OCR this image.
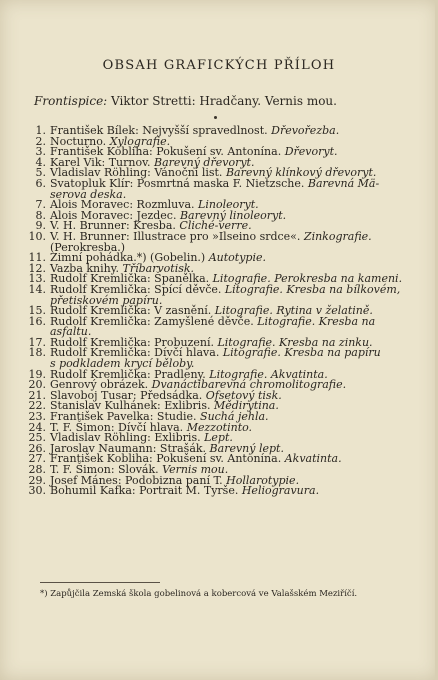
OBSAH GRAFICKÝCH PŘÍLOH
Frontispice: Viktor Stretti: Hradčany. Vernis mou.
1. František Bílek: Nejvyšší spravedlnost. Dřevořezba.
2. Nocturno. Xylografie.
3. František Kobliha: Pokušení sv. Antonína. Dřevoryt.
4. Karel Vik: Turnov. Barevný dřevoryt.
5. Vladislav Röhling: Vánoční list. Barevný klínkový dřevoryt.
6. Svatopluk Klír: Posmrtná maska F. Nietzsche. Barevná Mä-
serova deska.
7. Alois Moravec: Rozmluva. Linoleoryt.
8. Alois Moravec: Jezdec. Barevný linoleoryt.
9. V. H. Brunner: Kresba. Cliché-verre.
10. V. H. Brunner: Illustrace pro »Ilseino srdce«. Zinkografie.
(Perokresba.)
11. Zimní pohádka.*) (Gobelin.) Autotypie.
12. Vazba knihy. Tříbarvotisk.
13. Rudolf Kremlička: Španělka. Litografie. Perokresba na kameni.
14. Rudolf Kremlička: Spící děvče. Litografie. Kresba na bílkovém,
přetiskovém papíru.
15. Rudolf Kremlička: V zasnění. Litografie. Rytina v želatině.
16. Rudolf Kremlička: Zamyšlené děvče. Litografie. Kresba na
asfaltu.
17. Rudolf Kremlička: Probuzení. Litografie. Kresba na zinku.
18. Rudolf Kremlička: Dívčí hlava. Litografie. Kresba na papíru
s podkladem krycí běloby.
19. Rudolf Kremlička: Pradleny. Litografie. Akvatinta.
20. Genrový obrázek. Dvanáctibarevná chromolitografie.
21. Slavoboj Tusar: Předsádka. Ofsetový tisk.
22. Stanislav Kulhánek: Exlibris. Mědirytina.
23. František Pavelka: Studie. Suchá jehla.
24. T. F. Šimon: Dívčí hlava. Mezzotinto.
25. Vladislav Röhling: Exlibris. Lept.
26. Jaroslav Naumann: Strašák. Barevný lept.
27. František Kobliha: Pokušení sv. Antonína. Akvatinta.
28. T. F. Šimon: Slovák. Vernis mou.
29. Josef Mánes: Podobizna paní T. Hollarotypie.
30. Bohumil Kafka: Portrait M. Tyrše. Heliogravura.
*) Zapůjčila Zemská škola gobelinová a kobercová ve Valašském Meziříčí.
